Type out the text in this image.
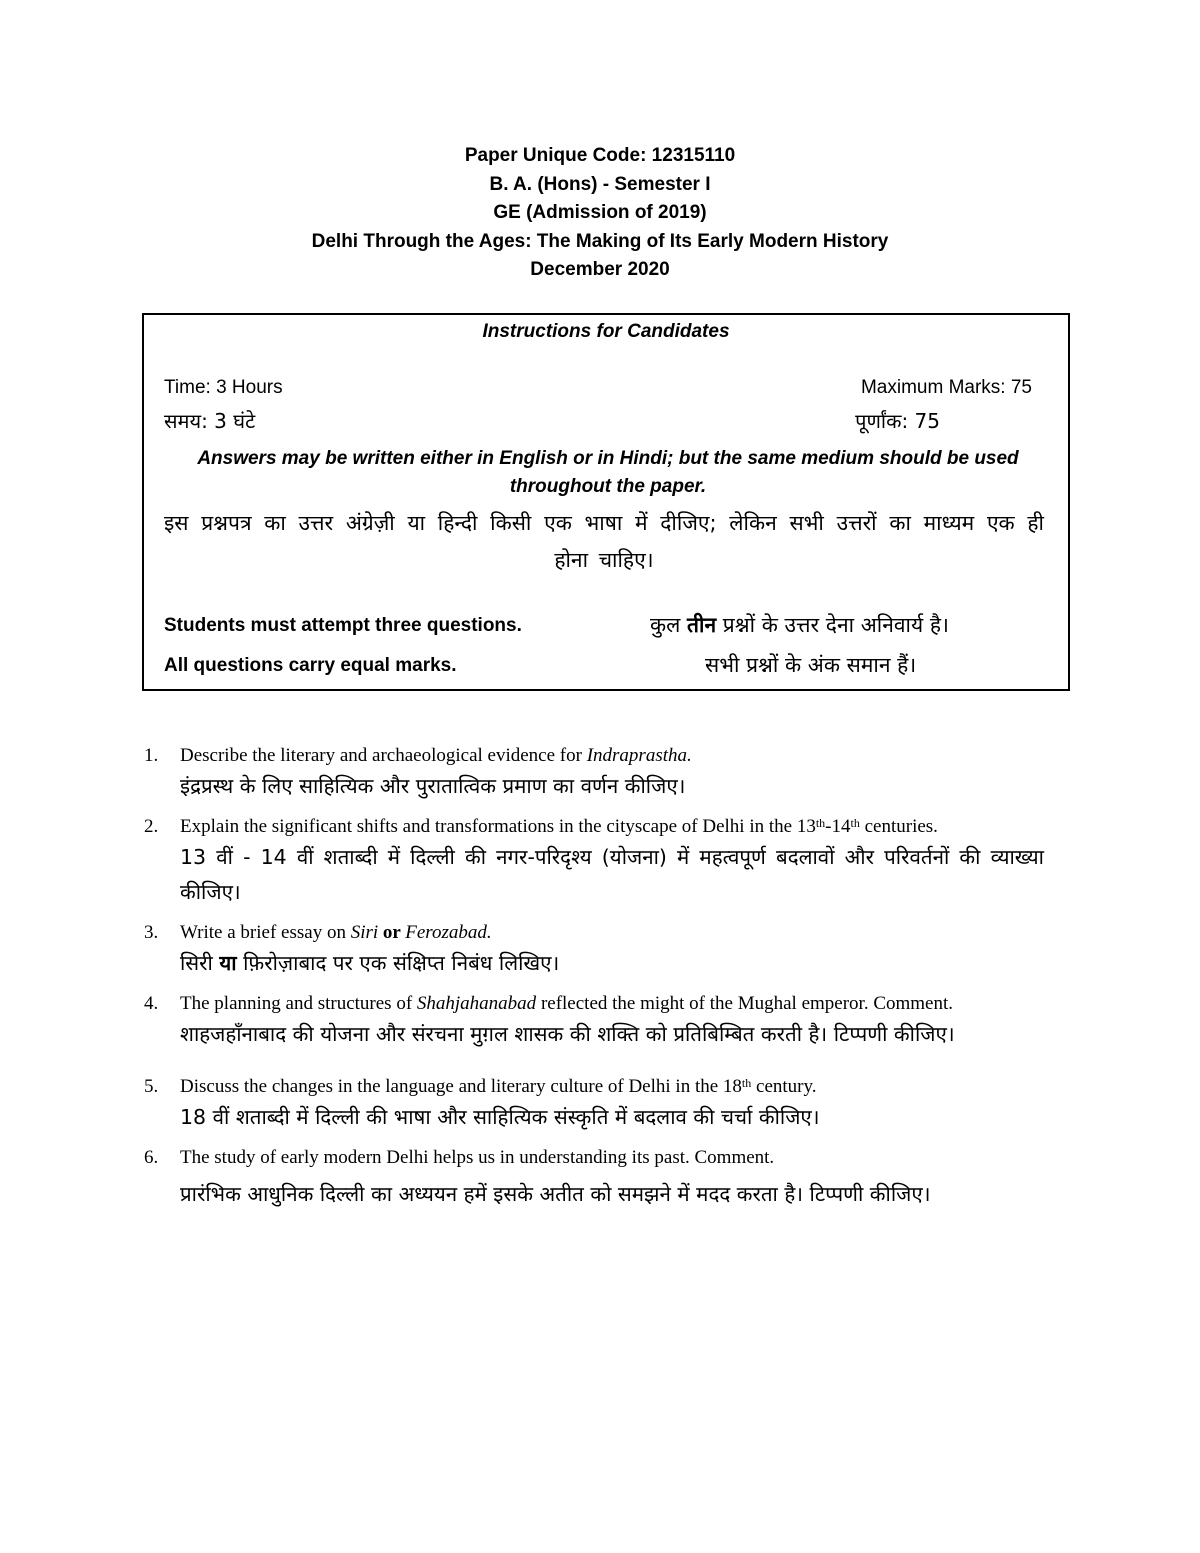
Paper Unique Code: 12315110
B. A. (Hons) - Semester I
GE (Admission of 2019)
Delhi Through the Ages: The Making of Its Early Modern History
December 2020
Instructions for Candidates
Time: 3 Hours	Maximum Marks: 75
समय: 3 घंटे	पूर्णांक: 75
Answers may be written either in English or in Hindi; but the same medium should be used throughout the paper.
इस प्रश्नपत्र का उत्तर अंग्रेज़ी या हिन्दी किसी एक भाषा में दीजिए; लेकिन सभी उत्तरों का माध्यम एक ही होना चाहिए।
Students must attempt three questions.	कुल तीन प्रश्नों के उत्तर देना अनिवार्य है।
All questions carry equal marks.	सभी प्रश्नों के अंक समान हैं।
1. Describe the literary and archaeological evidence for Indraprastha.
इंद्रप्रस्थ के लिए साहित्यिक और पुरातात्विक प्रमाण का वर्णन कीजिए।
2. Explain the significant shifts and transformations in the cityscape of Delhi in the 13th-14th centuries.
13 वीं - 14 वीं शताब्दी में दिल्ली की नगर-परिदृश्य (योजना) में महत्वपूर्ण बदलावों और परिवर्तनों की व्याख्या कीजिए।
3. Write a brief essay on Siri or Ferozabad.
सिरी या फ़िरोज़ाबाद पर एक संक्षिप्त निबंध लिखिए।
4. The planning and structures of Shahjahanabad reflected the might of the Mughal emperor. Comment.
शाहजहाँनाबाद की योजना और संरचना मुग़ल शासक की शक्ति को प्रतिबिम्बित करती है। टिप्पणी कीजिए।
5. Discuss the changes in the language and literary culture of Delhi in the 18th century.
18 वीं शताब्दी में दिल्ली की भाषा और साहित्यिक संस्कृति में बदलाव की चर्चा कीजिए।
6. The study of early modern Delhi helps us in understanding its past. Comment.
प्रारंभिक आधुनिक दिल्ली का अध्ययन हमें इसके अतीत को समझने में मदद करता है। टिप्पणी कीजिए।
